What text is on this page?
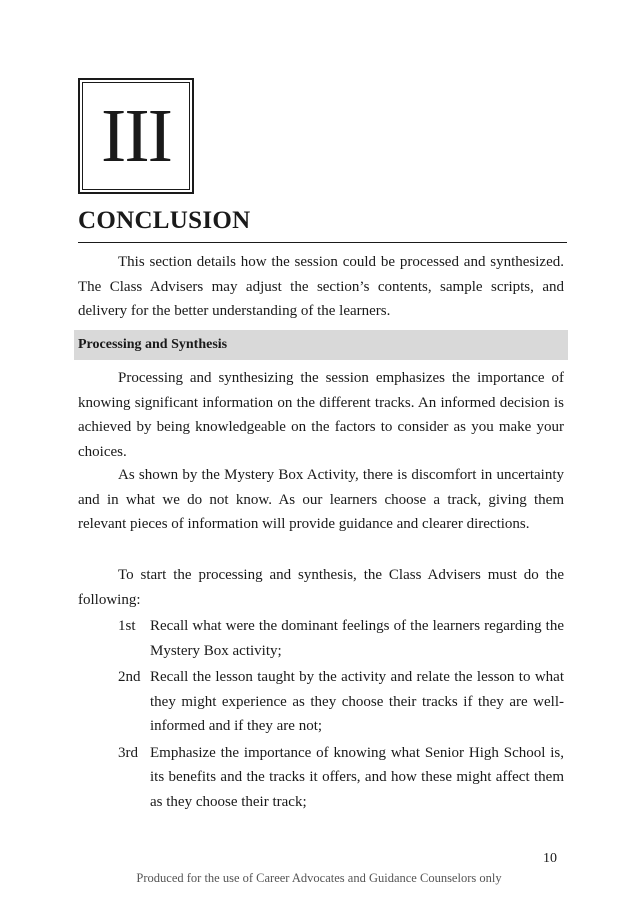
III
CONCLUSION

This section details how the session could be processed and synthesized. The Class Advisers may adjust the section’s contents, sample scripts, and delivery for the better understanding of the learners.

Processing and Synthesis

Processing and synthesizing the session emphasizes the importance of knowing significant information on the different tracks. An informed decision is achieved by being knowledgeable on the factors to consider as you make your choices.

As shown by the Mystery Box Activity, there is discomfort in uncertainty and in what we do not know. As our learners choose a track, giving them relevant pieces of information will provide guidance and clearer directions.

To start the processing and synthesis, the Class Advisers must do the following:

1st Recall what were the dominant feelings of the learners regarding the Mystery Box activity;
2nd Recall the lesson taught by the activity and relate the lesson to what they might experience as they choose their tracks if they are well-informed and if they are not;
3rd Emphasize the importance of knowing what Senior High School is, its benefits and the tracks it offers, and how these might affect them as they choose their track;
10
Produced for the use of Career Advocates and Guidance Counselors only
